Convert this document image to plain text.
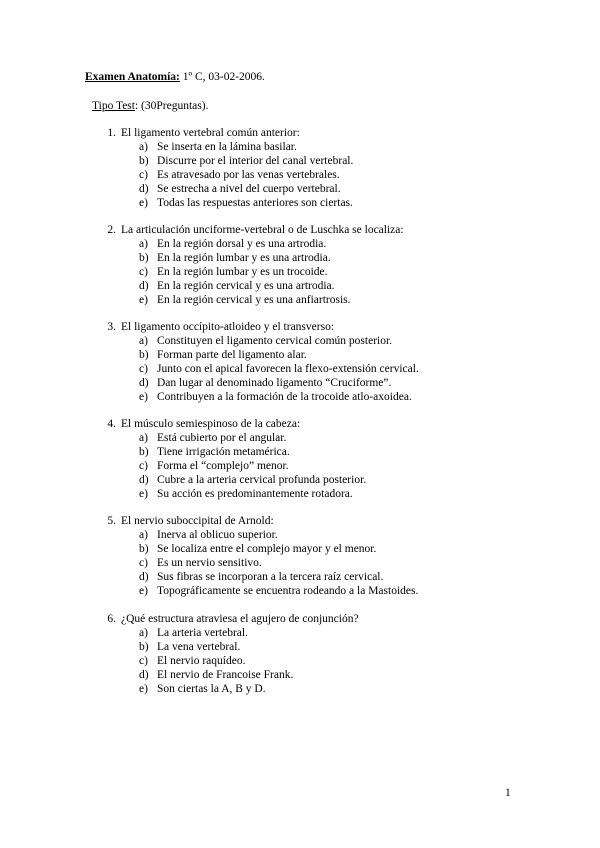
Examen Anatomía: 1º C, 03-02-2006.
Tipo Test: (30Preguntas).
1. El ligamento vertebral común anterior:
a) Se inserta en la lámina basilar.
b) Discurre por el interior del canal vertebral.
c) Es atravesado por las venas vertebrales.
d) Se estrecha a nivel del cuerpo vertebral.
e) Todas las respuestas anteriores son ciertas.
2. La articulación unciforme-vertebral o de Luschka se localiza:
a) En la región dorsal y es una artrodia.
b) En la región lumbar y es una artrodia.
c) En la región lumbar y es un trocoide.
d) En la región cervical y es una artrodia.
e) En la región cervical y es una anfiartrosis.
3. El ligamento occípito-atloideo y el transverso:
a) Constituyen el ligamento cervical común posterior.
b) Forman parte del ligamento alar.
c) Junto con el apical favorecen la flexo-extensión cervical.
d) Dan lugar al denominado ligamento “Cruciforme”.
e) Contribuyen a la formación de la trocoide atlo-axoidea.
4. El músculo semiespinoso de la cabeza:
a) Está cubierto por el angular.
b) Tiene irrigación metamérica.
c) Forma el “complejo” menor.
d) Cubre a la arteria cervical profunda posterior.
e) Su acción es predominantemente rotadora.
5. El nervio suboccipital de Arnold:
a) Inerva al oblicuo superior.
b) Se localiza entre el complejo mayor y el menor.
c) Es un nervio sensitivo.
d) Sus fibras se incorporan a la tercera raíz cervical.
e) Topográficamente se encuentra rodeando a la Mastoides.
6. ¿Qué estructura atraviesa el agujero de conjunción?
a) La arteria vertebral.
b) La vena vertebral.
c) El nervio raquídeo.
d) El nervio de Francoise Frank.
e) Son ciertas la A, B y D.
1
